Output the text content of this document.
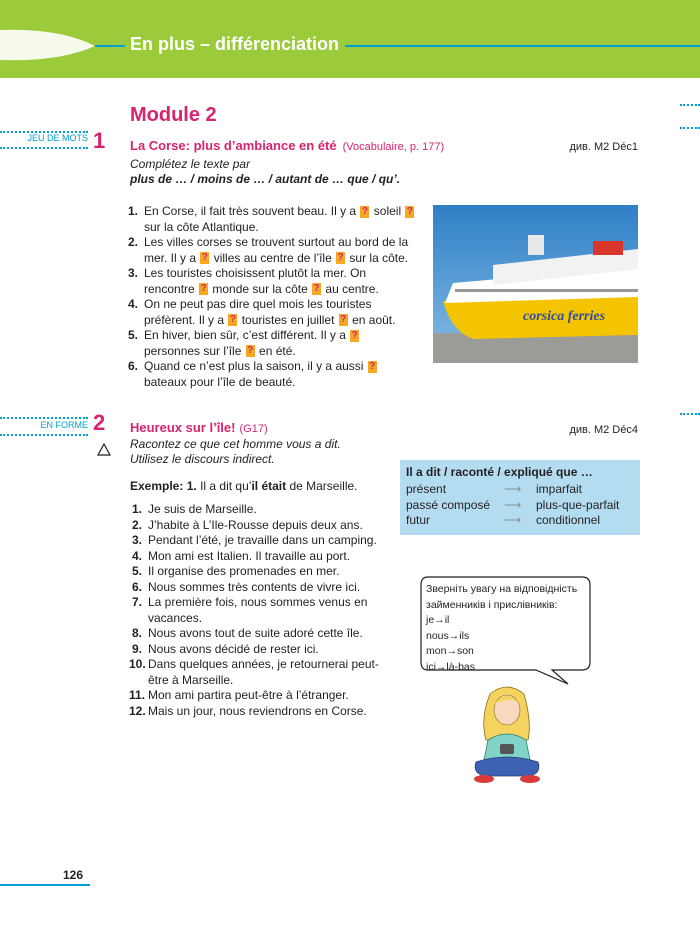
En plus – différenciation
Module 2
JEU DE MOTS 1 La Corse: plus d’ambiance en été (Vocabulaire, p. 177)	див. M2 Déc1
Complétez le texte par
plus de … / moins de … / autant de … que / qu’.
1. En Corse, il fait très souvent beau. Il y a ? soleil ? sur la côte Atlantique.
2. Les villes corses se trouvent surtout au bord de la mer. Il y a ? villes au centre de l’île ? sur la côte.
3. Les touristes choisissent plutôt la mer. On rencontre ? monde sur la côte ? au centre.
4. On ne peut pas dire quel mois les touristes préfèrent. Il y a ? touristes en juillet ? en août.
5. En hiver, bien sûr, c’est différent. Il y a ? personnes sur l’île ? en été.
6. Quand ce n’est plus la saison, il y a aussi ? bateaux pour l’île de beauté.
corsica ferries
EN FORME 2 Heureux sur l’île! (G17)	див. M2 Déc4
Racontez ce que cet homme vous a dit.
Utilisez le discours indirect.
Exemple: 1. Il a dit qu’il était de Marseille.
1. Je suis de Marseille.
2. J’habite à L’Ile-Rousse depuis deux ans.
3. Pendant l’été, je travaille dans un camping.
4. Mon ami est Italien. Il travaille au port.
5. Il organise des promenades en mer.
6. Nous sommes très contents de vivre ici.
7. La première fois, nous sommes venus en vacances.
8. Nous avons tout de suite adoré cette île.
9. Nous avons décidé de rester ici.
10. Dans quelques années, je retournerai peut-être à Marseille.
11. Mon ami partira peut-être à l’étranger.
12. Mais un jour, nous reviendrons en Corse.
Il a dit / raconté / expliqué que …
présent	⟶ imparfait
passé composé ⟶ plus-que-parfait
futur	⟶ conditionnel
Зверніть увагу на відповідність
займенників і прислівників:
je→il
nous→ils
mon→son
ici→là-bas
126
